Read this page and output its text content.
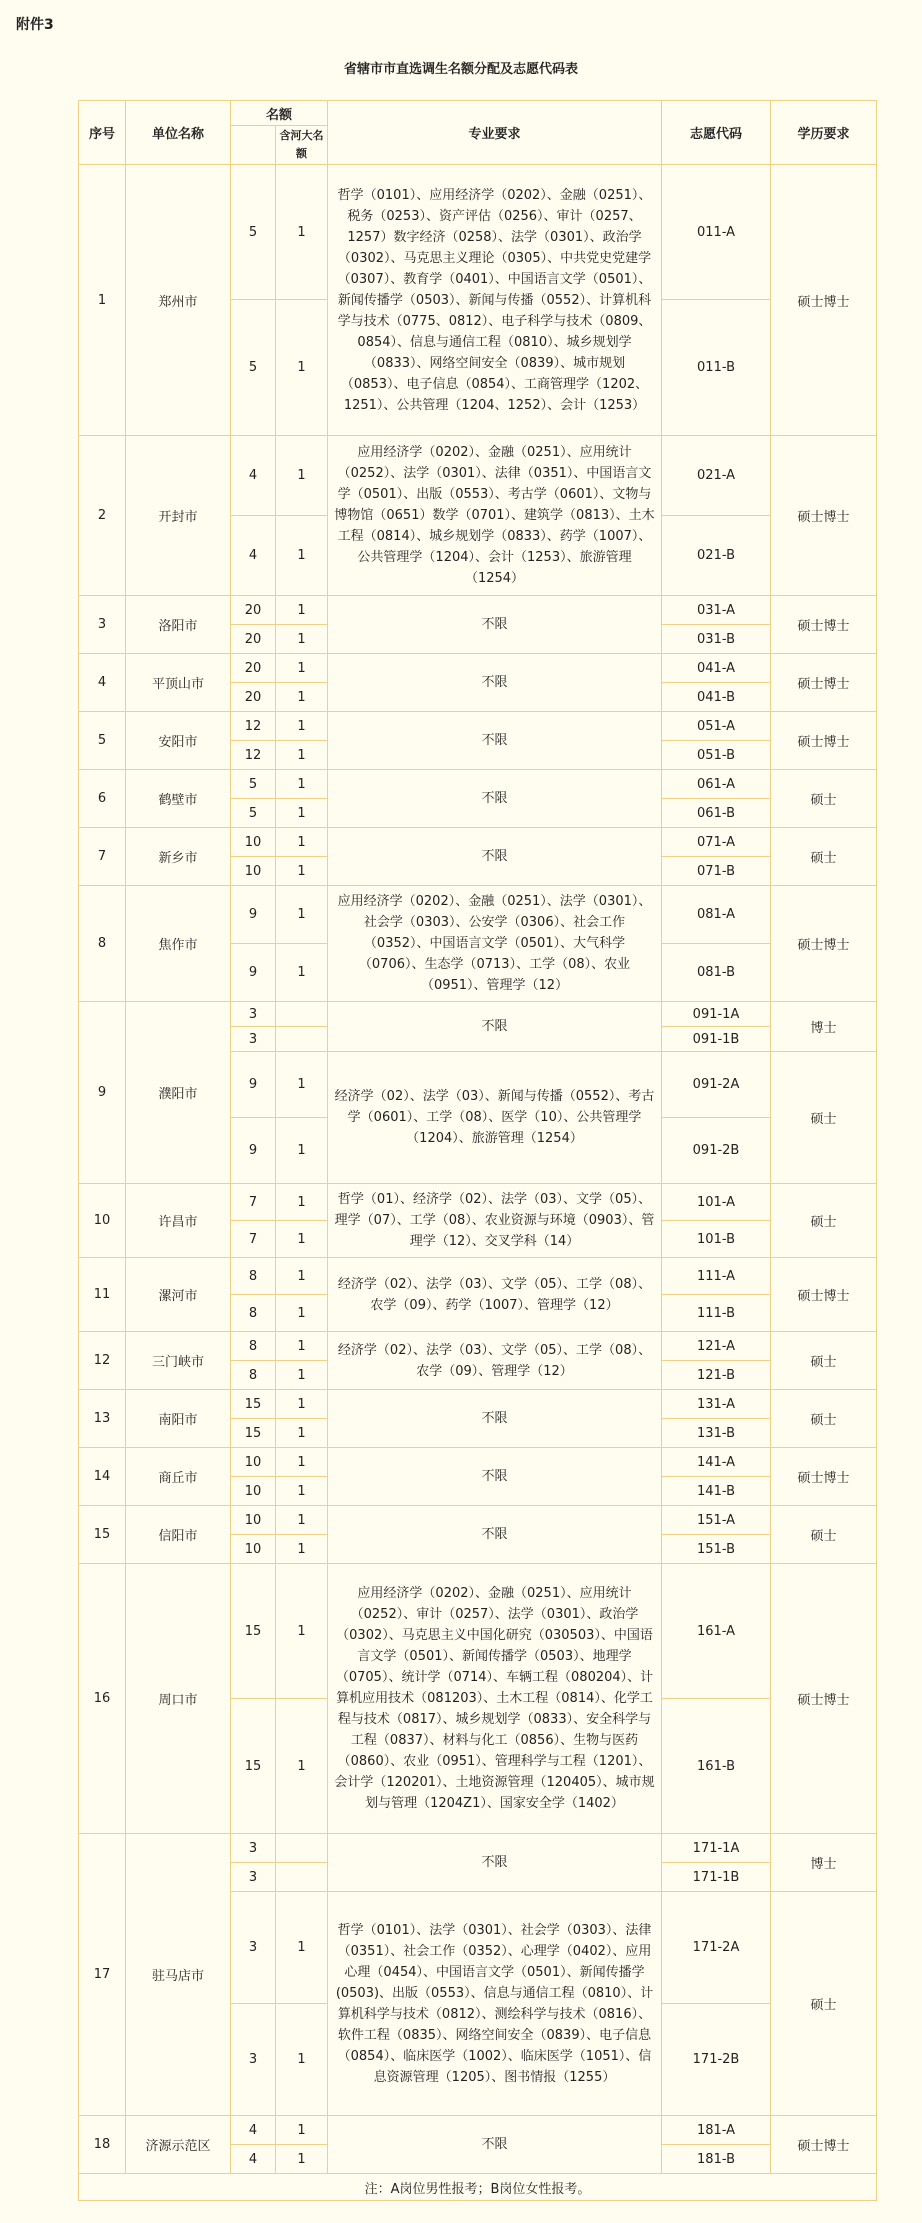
附件3
省辖市市直选调生名额分配及志愿代码表
序号	单位名称	名额		专业要求	志愿代码	学历要求
			含河大名额			
1	郑州市	5	1	哲学（0101）、应用经济学（0202）、金融（0251）、税务（0253）、资产评估（0256）、审计（0257、1257）数字经济（0258）、法学（0301）、政治学（0302）、马克思主义理论（0305）、中共党史党建学（0307）、教育学（0401）、中国语言文学（0501）、新闻传播学（0503）、新闻与传播（0552）、计算机科学与技术（0775、0812）、电子科学与技术（0809、0854）、信息与通信工程（0810）、城乡规划学（0833）、网络空间安全（0839）、城市规划（0853）、电子信息（0854）、工商管理学（1202、1251）、公共管理（1204、1252）、会计（1253）	011-A	硕士博士
		5	1		011-B	
2	开封市	4	1	应用经济学（0202）、金融（0251）、应用统计（0252）、法学（0301）、法律（0351）、中国语言文学（0501）、出版（0553）、考古学（0601）、文物与博物馆（0651）数学（0701）、建筑学（0813）、土木工程（0814）、城乡规划学（0833）、药学（1007）、公共管理学（1204）、会计（1253）、旅游管理（1254）	021-A	硕士博士
		4	1		021-B	
3	洛阳市	20	1	不限	031-A	硕士博士
		20	1		031-B	
4	平顶山市	20	1	不限	041-A	硕士博士
		20	1		041-B	
5	安阳市	12	1	不限	051-A	硕士博士
		12	1		051-B	
6	鹤壁市	5	1	不限	061-A	硕士
		5	1		061-B	
7	新乡市	10	1	不限	071-A	硕士
		10	1		071-B	
8	焦作市	9	1	应用经济学（0202）、金融（0251）、法学（0301）、社会学（0303）、公安学（0306）、社会工作（0352）、中国语言文学（0501）、大气科学（0706）、生态学（0713）、工学（08）、农业（0951）、管理学（12）	081-A	硕士博士
		9	1		081-B	
9	濮阳市	3		不限	091-1A	博士
		3			091-1B	
		9	1	经济学（02）、法学（03）、新闻与传播（0552）、考古学（0601）、工学（08）、医学（10）、公共管理学（1204）、旅游管理（1254）	091-2A	硕士
		9	1		091-2B	
10	许昌市	7	1	哲学（01）、经济学（02）、法学（03）、文学（05）、理学（07）、工学（08）、农业资源与环境（0903）、管理学（12）、交叉学科（14）	101-A	硕士
		7	1		101-B	
11	漯河市	8	1	经济学（02）、法学（03）、文学（05）、工学（08）、农学（09）、药学（1007）、管理学（12）	111-A	硕士博士
		8	1		111-B	
12	三门峡市	8	1	经济学（02）、法学（03）、文学（05）、工学（08）、农学（09）、管理学（12）	121-A	硕士
		8	1		121-B	
13	南阳市	15	1	不限	131-A	硕士
		15	1		131-B	
14	商丘市	10	1	不限	141-A	硕士博士
		10	1		141-B	
15	信阳市	10	1	不限	151-A	硕士
		10	1		151-B	
16	周口市	15	1	应用经济学（0202）、金融（0251）、应用统计（0252）、审计（0257）、法学（0301）、政治学（0302）、马克思主义中国化研究（030503）、中国语言文学（0501）、新闻传播学（0503）、地理学（0705）、统计学（0714）、车辆工程（080204）、计算机应用技术（081203）、土木工程（0814）、化学工程与技术（0817）、城乡规划学（0833）、安全科学与工程（0837）、材料与化工（0856）、生物与医药（0860）、农业（0951）、管理科学与工程（1201）、会计学（120201）、土地资源管理（120405）、城市规划与管理（1204Z1）、国家安全学（1402）	161-A	硕士博士
		15	1		161-B	
17	驻马店市	3		不限	171-1A	博士
		3			171-1B	
		3	1	哲学（0101）、法学（0301）、社会学（0303）、法律（0351）、社会工作（0352）、心理学（0402）、应用心理（0454）、中国语言文学（0501）、新闻传播学(0503)、出版（0553）、信息与通信工程（0810）、计算机科学与技术（0812）、测绘科学与技术（0816）、软件工程（0835）、网络空间安全（0839）、电子信息（0854）、临床医学（1002）、临床医学（1051）、信息资源管理（1205）、图书情报（1255）	171-2A	硕士
		3	1		171-2B	
18	济源示范区	4	1	不限	181-A	硕士博士
		4	1		181-B	
注：A岗位男性报考；B岗位女性报考。						
